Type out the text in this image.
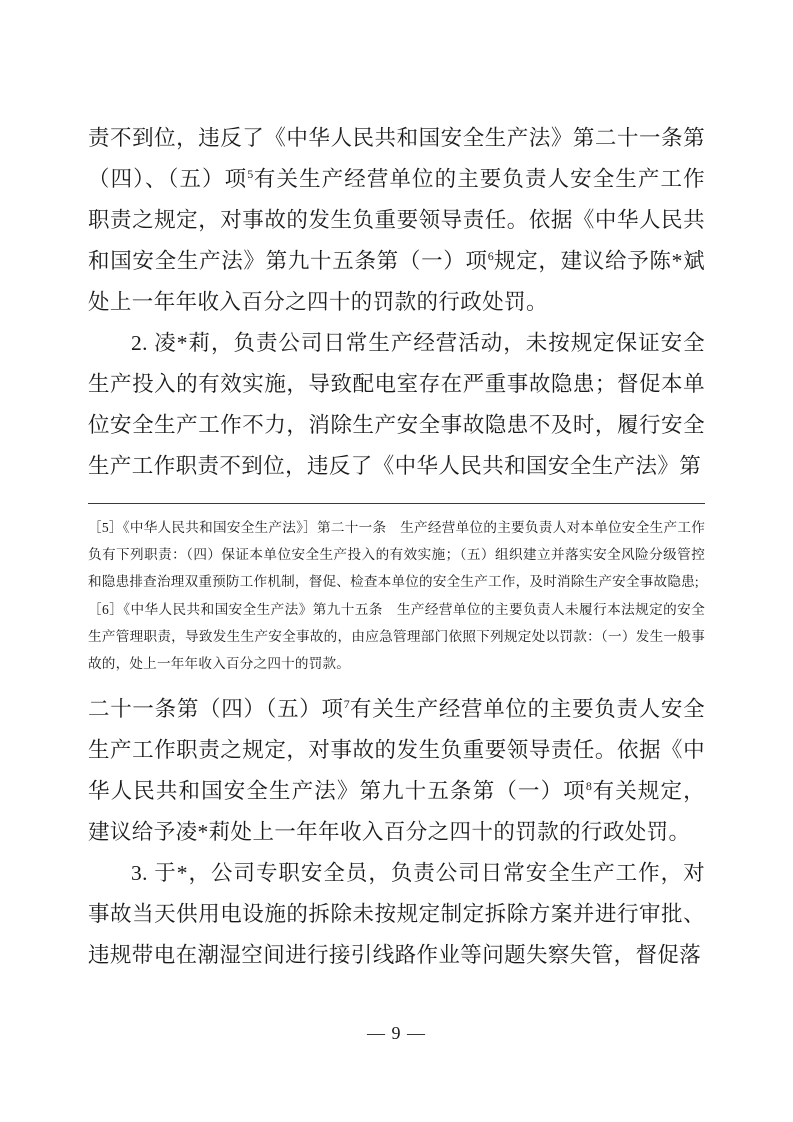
责不到位，违反了《中华人民共和国安全生产法》第二十一条第（四）、（五）项$^5$有关生产经营单位的主要负责人安全生产工作职责之规定，对事故的发生负重要领导责任。依据《中华人民共和国安全生产法》第九十五条第（一）项$^6$规定，建议给予陈*斌处上一年年收入百分之四十的罚款的行政处罚。

2. 凌*莉，负责公司日常生产经营活动，未按规定保证安全生产投入的有效实施，导致配电室存在严重事故隐患；督促本单位安全生产工作不力，消除生产安全事故隐患不及时，履行安全生产工作职责不到位，违反了《中华人民共和国安全生产法》第

［5］《中华人民共和国安全生产法》］第二十一条　生产经营单位的主要负责人对本单位安全生产工作负有下列职责：（四）保证本单位安全生产投入的有效实施；（五）组织建立并落实安全风险分级管控和隐患排查治理双重预防工作机制，督促、检查本单位的安全生产工作，及时消除生产安全事故隐患;

［6］《中华人民共和国安全生产法》第九十五条　生产经营单位的主要负责人未履行本法规定的安全生产管理职责，导致发生生产安全事故的，由应急管理部门依照下列规定处以罚款：（一）发生一般事故的，处上一年年收入百分之四十的罚款。

二十一条第（四）（五）项$^7$有关生产经营单位的主要负责人安全生产工作职责之规定，对事故的发生负重要领导责任。依据《中华人民共和国安全生产法》第九十五条第（一）项$^8$有关规定，建议给予凌*莉处上一年年收入百分之四十的罚款的行政处罚。

3. 于*，公司专职安全员，负责公司日常安全生产工作，对事故当天供用电设施的拆除未按规定制定拆除方案并进行审批、违规带电在潮湿空间进行接引线路作业等问题失察失管，督促落

— 9 —
